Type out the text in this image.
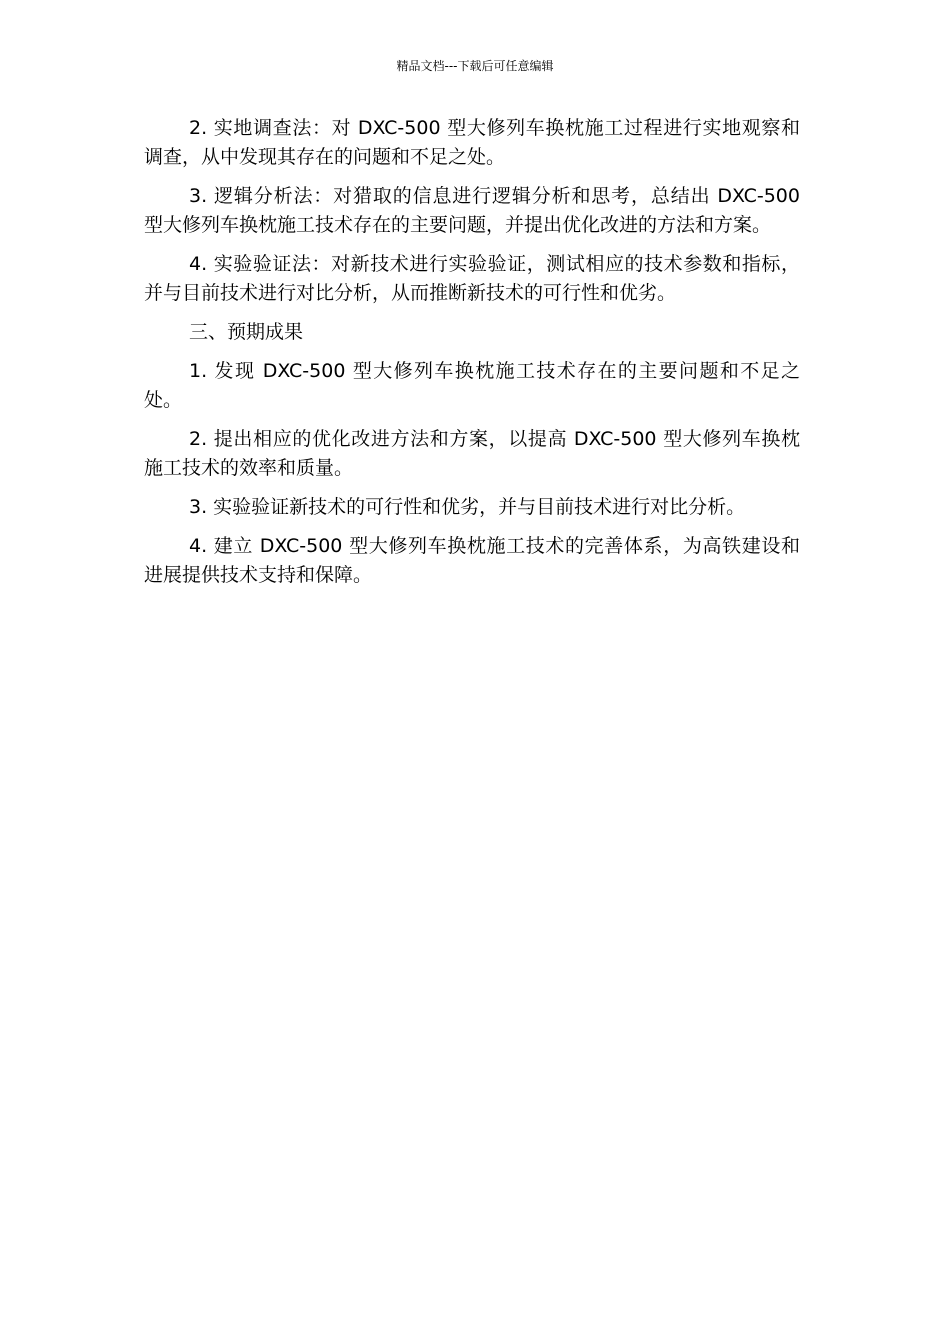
精品文档---下载后可任意编辑

2. 实地调查法：对 DXC-500 型大修列车换枕施工过程进行实地观察和调查，从中发现其存在的问题和不足之处。

3. 逻辑分析法：对猎取的信息进行逻辑分析和思考，总结出 DXC-500 型大修列车换枕施工技术存在的主要问题，并提出优化改进的方法和方案。

4. 实验验证法：对新技术进行实验验证，测试相应的技术参数和指标，并与目前技术进行对比分析，从而推断新技术的可行性和优劣。

三、预期成果

1. 发现 DXC-500 型大修列车换枕施工技术存在的主要问题和不足之处。

2. 提出相应的优化改进方法和方案，以提高 DXC-500 型大修列车换枕施工技术的效率和质量。

3. 实验验证新技术的可行性和优劣，并与目前技术进行对比分析。

4. 建立 DXC-500 型大修列车换枕施工技术的完善体系，为高铁建设和进展提供技术支持和保障。
